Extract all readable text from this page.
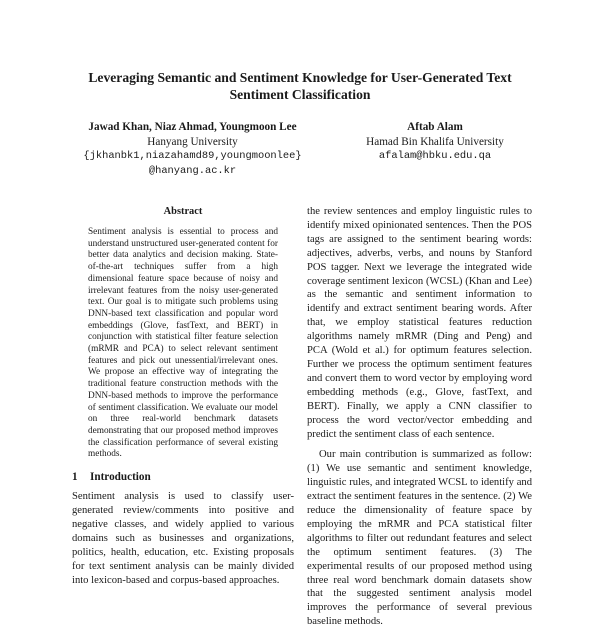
Leveraging Semantic and Sentiment Knowledge for User-Generated Text
Sentiment Classification
Jawad Khan, Niaz Ahmad, Youngmoon Lee
Hanyang University
{jkhanbk1,niazahamd89,youngmoonlee}
@hanyang.ac.kr
Aftab Alam
Hamad Bin Khalifa University
afalam@hbku.edu.qa
Abstract

Sentiment analysis is essential to process and understand unstructured user-generated content for better data analytics and decision making. State-of-the-art techniques suffer from a high dimensional feature space because of noisy and irrelevant features from the noisy user-generated text. Our goal is to mitigate such problems using DNN-based text classification and popular word embeddings (Glove, fastText, and BERT) in conjunction with statistical filter feature selection (mRMR and PCA) to select relevant sentiment features and pick out unessential/irrelevant ones. We propose an effective way of integrating the traditional feature construction methods with the DNN-based methods to improve the performance of sentiment classification. We evaluate our model on three real-world benchmark datasets demonstrating that our proposed method improves the classification performance of several existing methods.

1 Introduction

Sentiment analysis is used to classify user-generated review/comments into positive and negative classes, and widely applied to various domains such as businesses and organizations, politics, health, education, etc. Existing proposals for text sentiment analysis can be mainly divided into lexicon-based and corpus-based approaches.

the review sentences and employ linguistic rules to identify mixed opinionated sentences. Then the POS tags are assigned to the sentiment bearing words: adjectives, adverbs, verbs, and nouns by Stanford POS tagger. Next we leverage the integrated wide coverage sentiment lexicon (WCSL) (Khan and Lee) as the semantic and sentiment information to identify and extract sentiment bearing words. After that, we employ statistical features reduction algorithms namely mRMR (Ding and Peng) and PCA (Wold et al.) for optimum features selection. Further we process the optimum sentiment features and convert them to word vector by employing word embedding methods (e.g., Glove, fastText, and BERT). Finally, we apply a CNN classifier to process the word vector/vector embedding and predict the sentiment class of each sentence.

Our main contribution is summarized as follow: (1) We use semantic and sentiment knowledge, linguistic rules, and integrated WCSL to identify and extract the sentiment features in the sentence. (2) We reduce the dimensionality of feature space by employing the mRMR and PCA statistical filter algorithms to filter out redundant features and select the optimum sentiment features. (3) The experimental results of our proposed method using three real word benchmark domain datasets show that the suggested sentiment analysis model improves the performance of several previous baseline methods.
